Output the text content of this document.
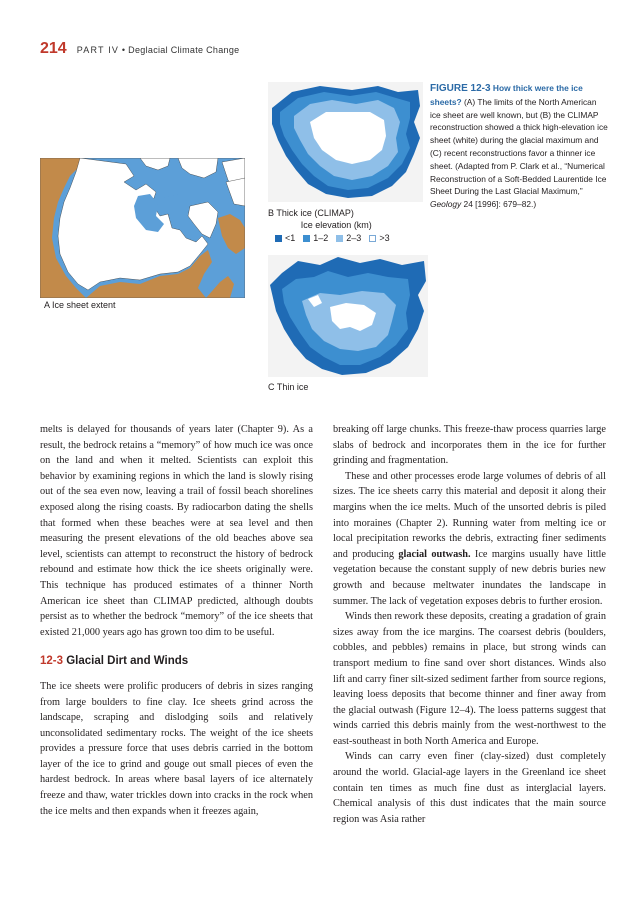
214 PART IV • Deglacial Climate Change
A Ice sheet extent
B Thick ice (CLIMAP)
Ice elevation (km)
<1 1–2 2–3 >3
C Thin ice
FIGURE 12-3 How thick were the ice sheets? (A) The limits of the North American ice sheet are well known, but (B) the CLIMAP reconstruction showed a thick high-elevation ice sheet (white) during the glacial maximum and (C) recent reconstructions favor a thinner ice sheet. (Adapted from P. Clark et al., “Numerical Reconstruction of a Soft-Bedded Laurentide Ice Sheet During the Last Glacial Maximum,” Geology 24 [1996]: 679–82.)

melts is delayed for thousands of years later (Chapter 9). As a result, the bedrock retains a “memory” of how much ice was once on the land and when it melted. Scientists can exploit this behavior by examining regions in which the land is slowly rising out of the sea even now, leaving a trail of fossil beach shorelines exposed along the rising coasts. By radiocarbon dating the shells that formed when these beaches were at sea level and then measuring the present elevations of the old beaches above sea level, scientists can attempt to reconstruct the history of bedrock rebound and estimate how thick the ice sheets originally were. This technique has produced estimates of a thinner North American ice sheet than CLIMAP predicted, although doubts persist as to whether the bedrock “memory” of the ice sheets that existed 21,000 years ago has grown too dim to be useful.

12-3 Glacial Dirt and Winds

The ice sheets were prolific producers of debris in sizes ranging from large boulders to fine clay. Ice sheets grind across the landscape, scraping and dislodging soils and relatively unconsolidated sedimentary rocks. The weight of the ice sheets provides a pressure force that uses debris carried in the bottom layer of the ice to grind and gouge out small pieces of even the hardest bedrock. In areas where basal layers of ice alternately freeze and thaw, water trickles down into cracks in the rock when the ice melts and then expands when it freezes again,

breaking off large chunks. This freeze-thaw process quarries large slabs of bedrock and incorporates them in the ice for further grinding and fragmentation.

These and other processes erode large volumes of debris of all sizes. The ice sheets carry this material and deposit it along their margins when the ice melts. Much of the unsorted debris is piled into moraines (Chapter 2). Running water from melting ice or local precipitation reworks the debris, extracting finer sediments and producing glacial outwash. Ice margins usually have little vegetation because the constant supply of new debris buries new growth and because meltwater inundates the landscape in summer. The lack of vegetation exposes debris to further erosion.

Winds then rework these deposits, creating a gradation of grain sizes away from the ice margins. The coarsest debris (boulders, cobbles, and pebbles) remains in place, but strong winds can transport medium to fine sand over short distances. Winds also lift and carry finer silt-sized sediment farther from source regions, leaving loess deposits that become thinner and finer away from the glacial outwash (Figure 12–4). The loess patterns suggest that winds carried this debris mainly from the west-northwest to the east-southeast in both North America and Europe.

Winds can carry even finer (clay-sized) dust completely around the world. Glacial-age layers in the Greenland ice sheet contain ten times as much fine dust as interglacial layers. Chemical analysis of this dust indicates that the main source region was Asia rather
